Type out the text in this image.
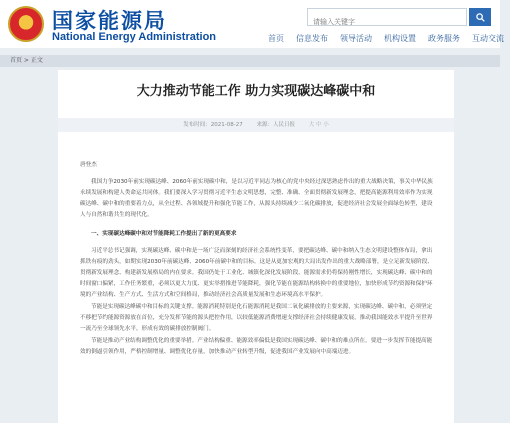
★ 国家能源局
National Energy Administration
请输入关键字	首页	信息发布	领导活动	机构设置	政务服务	互动交流
首页 > 正文
大力推动节能工作 助力实现碳达峰碳中和
发布时间：2021-08-27	来源：人民日报	大 中 小
唐登杰
我国力争2030年前实现碳达峰、2060年前实现碳中和，是以习近平同志为核心的党中央经过深思熟虑作出的重大战略决策，事关中华民族永续发展和构建人类命运共同体。我们要深入学习贯彻习近平生态文明思想，完整、准确、全面贯彻新发展理念，把提高能源利用效率作为实现碳达峰、碳中和的重要着力点，从全过程、各领域提升和强化节能工作，从源头持续减少二氧化碳排放，促进经济社会发展全面绿色转型，建设人与自然和谐共生的现代化。
一、实现碳达峰碳中和对节能降耗工作提出了新的更高要求
习近平总书记强调，实现碳达峰、碳中和是一场广泛而深刻的经济社会系统性变革，要把碳达峰、碳中和纳入生态文明建设整体布局，拿出抓铁有痕的劲头，如期实现2030年前碳达峰、2060年前碳中和的目标。这是从更加宏观的大局出发作出的重大战略部署，是立足新发展阶段、贯彻新发展理念、构建新发展格局的内在要求。我国仍处于工业化、城镇化深化发展阶段，能源需求仍将保持刚性增长，实现碳达峰、碳中和的时间窗口偏紧，工作任务繁重，必须以更大力度、更实举措推进节能降耗，强化节能在能源结构转换中的重要地位，加快形成节约资源和保护环境的产业结构、生产方式、生活方式和空间格局，推动经济社会高质量发展和生态环境高水平保护。
节能是实现碳达峰碳中和目标的关键支撑。能源消耗特别是化石能源消耗是我国二氧化碳排放的主要来源，实现碳达峰、碳中和，必须坚定不移把节约能源资源放在首位，充分发挥节能的源头把控作用，以较低能源消费增速支撑经济社会持续健康发展，推动我国能效水平提升至世界一流乃至全球领先水平，形成有效的碳排放控制阀门。
节能是推动产业结构调整优化的重要举措。产业结构偏重、能源效率偏低是我国实现碳达峰、碳中和的难点所在。要进一步发挥节能提高能效的倒逼引领作用，严格控制增量、调整优化存量，加快推动产业转型升级，促进我国产业发展向中高端迈进。
